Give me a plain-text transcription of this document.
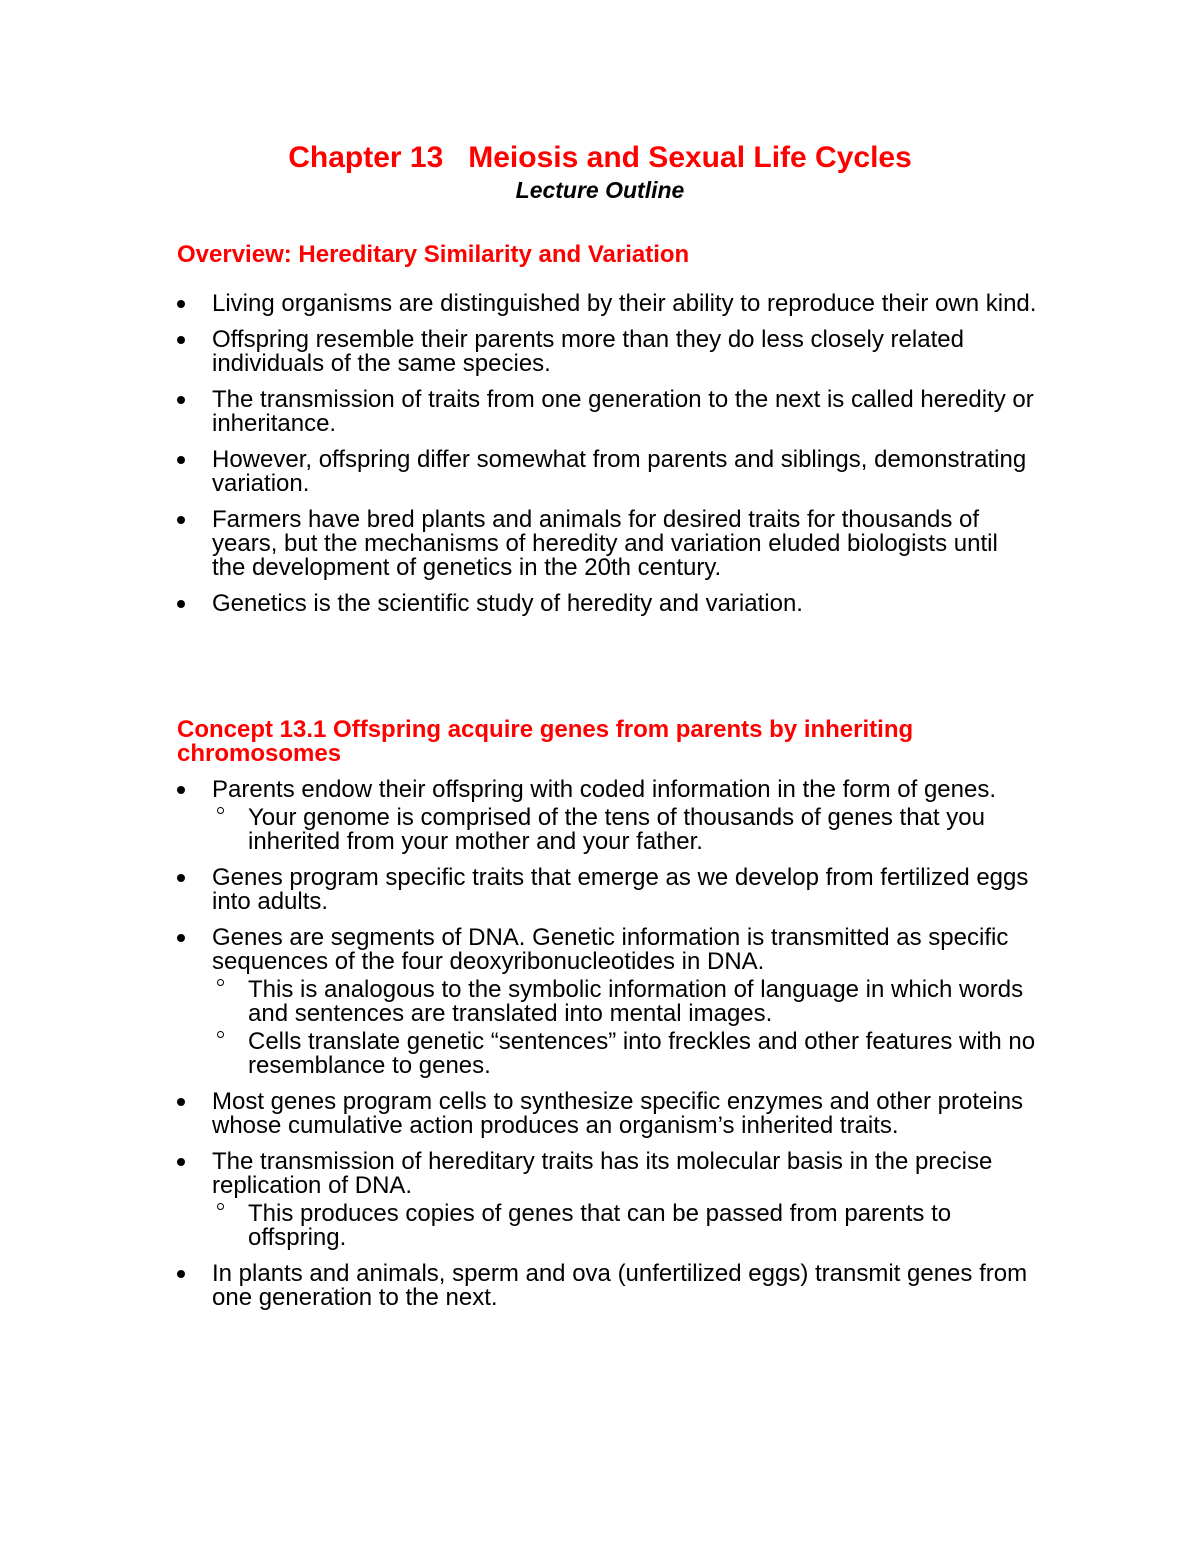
Chapter 13   Meiosis and Sexual Life Cycles
Lecture Outline
Overview: Hereditary Similarity and Variation
Living organisms are distinguished by their ability to reproduce their own kind.
Offspring resemble their parents more than they do less closely related individuals of the same species.
The transmission of traits from one generation to the next is called heredity or inheritance.
However, offspring differ somewhat from parents and siblings, demonstrating variation.
Farmers have bred plants and animals for desired traits for thousands of years, but the mechanisms of heredity and variation eluded biologists until the development of genetics in the 20th century.
Genetics is the scientific study of heredity and variation.
Concept 13.1 Offspring acquire genes from parents by inheriting chromosomes
Parents endow their offspring with coded information in the form of genes.
Your genome is comprised of the tens of thousands of genes that you inherited from your mother and your father.
Genes program specific traits that emerge as we develop from fertilized eggs into adults.
Genes are segments of DNA. Genetic information is transmitted as specific sequences of the four deoxyribonucleotides in DNA.
This is analogous to the symbolic information of language in which words and sentences are translated into mental images.
Cells translate genetic “sentences” into freckles and other features with no resemblance to genes.
Most genes program cells to synthesize specific enzymes and other proteins whose cumulative action produces an organism’s inherited traits.
The transmission of hereditary traits has its molecular basis in the precise replication of DNA.
This produces copies of genes that can be passed from parents to offspring.
In plants and animals, sperm and ova (unfertilized eggs) transmit genes from one generation to the next.
